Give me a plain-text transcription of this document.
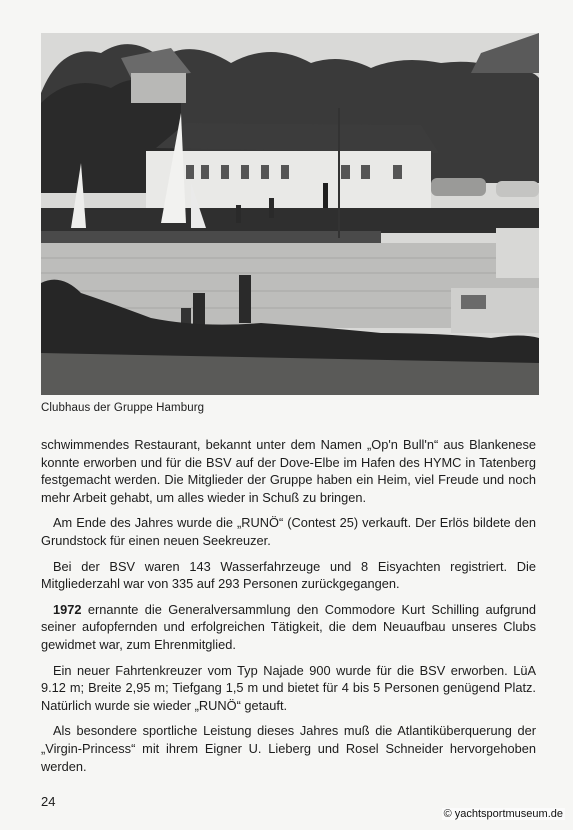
Clubhaus der Gruppe Hamburg

schwimmendes Restaurant, bekannt unter dem Namen „Op'n Bull'n“ aus Blankenese konnte erworben und für die BSV auf der Dove-Elbe im Hafen des HYMC in Tatenberg festgemacht werden. Die Mitglieder der Gruppe haben ein Heim, viel Freude und noch mehr Arbeit gehabt, um alles wieder in Schuß zu bringen.

Am Ende des Jahres wurde die „RUNÖ“ (Contest 25) verkauft. Der Erlös bildete den Grundstock für einen neuen Seekreuzer.

Bei der BSV waren 143 Wasserfahrzeuge und 8 Eisyachten registriert. Die Mitgliederzahl war von 335 auf 293 Personen zurückgegangen.

1972 ernannte die Generalversammlung den Commodore Kurt Schilling aufgrund seiner aufopfernden und erfolgreichen Tätigkeit, die dem Neuaufbau unseres Clubs gewidmet war, zum Ehrenmitglied.

Ein neuer Fahrtenkreuzer vom Typ Najade 900 wurde für die BSV erworben. LüA 9.12 m; Breite 2,95 m; Tiefgang 1,5 m und bietet für 4 bis 5 Personen genügend Platz. Natürlich wurde sie wieder „RUNÖ“ getauft.

Als besondere sportliche Leistung dieses Jahres muß die Atlantiküberquerung der „Virgin-Princess“ mit ihrem Eigner U. Lieberg und Rosel Schneider hervorgehoben werden.

24
© yachtsportmuseum.de
